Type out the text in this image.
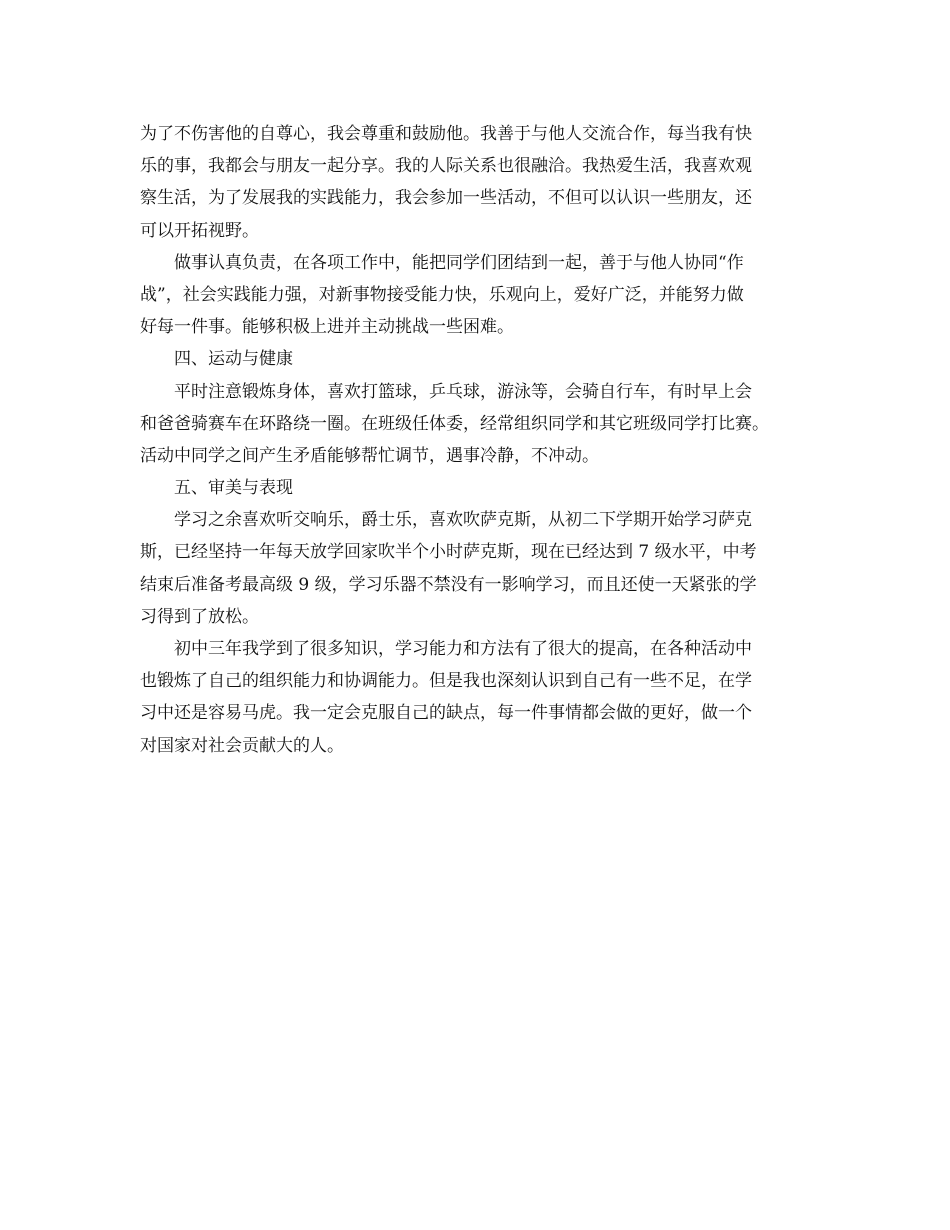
为了不伤害他的自尊心，我会尊重和鼓励他。我善于与他人交流合作，每当我有快
乐的事，我都会与朋友一起分享。我的人际关系也很融洽。我热爱生活，我喜欢观
察生活，为了发展我的实践能力，我会参加一些活动，不但可以认识一些朋友，还
可以开拓视野。
做事认真负责，在各项工作中，能把同学们团结到一起，善于与他人协同“作
战”，社会实践能力强，对新事物接受能力快，乐观向上，爱好广泛，并能努力做
好每一件事。能够积极上进并主动挑战一些困难。
四、运动与健康
平时注意锻炼身体，喜欢打篮球，乒乓球，游泳等，会骑自行车，有时早上会
和爸爸骑赛车在环路绕一圈。在班级任体委，经常组织同学和其它班级同学打比赛。
活动中同学之间产生矛盾能够帮忙调节，遇事冷静，不冲动。
五、审美与表现
学习之余喜欢听交响乐，爵士乐，喜欢吹萨克斯，从初二下学期开始学习萨克
斯，已经坚持一年每天放学回家吹半个小时萨克斯，现在已经达到 7 级水平，中考
结束后准备考最高级 9 级，学习乐器不禁没有一影响学习，而且还使一天紧张的学
习得到了放松。
初中三年我学到了很多知识，学习能力和方法有了很大的提高，在各种活动中
也锻炼了自己的组织能力和协调能力。但是我也深刻认识到自己有一些不足，在学
习中还是容易马虎。我一定会克服自己的缺点，每一件事情都会做的更好，做一个
对国家对社会贡献大的人。
